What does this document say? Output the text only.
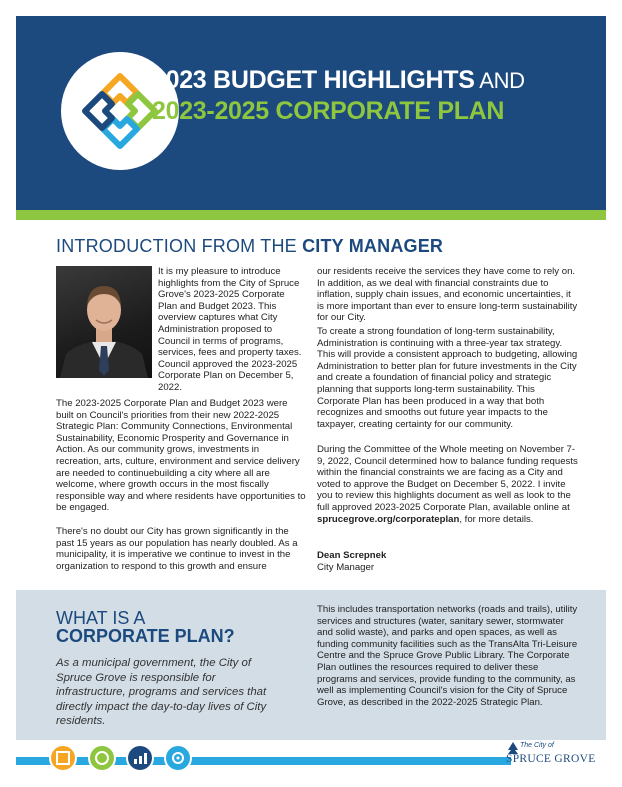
2023 BUDGET HIGHLIGHTS AND
2023-2025 CORPORATE PLAN
INTRODUCTION FROM THE CITY MANAGER
It is my pleasure to introduce highlights from the City of Spruce Grove's 2023-2025 Corporate Plan and Budget 2023. This overview captures what City Administration proposed to Council in terms of programs, services, fees and property taxes. Council approved the 2023-2025 Corporate Plan on December 5, 2022.
The 2023-2025 Corporate Plan and Budget 2023 were built on Council's priorities from their new 2022-2025 Strategic Plan: Community Connections, Environmental Sustainability, Economic Prosperity and Governance in Action. As our community grows, investments in recreation, arts, culture, environment and service delivery are needed to continuebuilding a city where all are welcome, where growth occurs in the most fiscally responsible way and where residents have opportunities to be engaged.
There's no doubt our City has grown significantly in the past 15 years as our population has nearly doubled. As a municipality, it is imperative we continue to invest in the organization to respond to this growth and ensure
our residents receive the services they have come to rely on. In addition, as we deal with financial constraints due to inflation, supply chain issues, and economic uncertainties, it is more important than ever to ensure long-term sustainability for our City.
To create a strong foundation of long-term sustainability, Administration is continuing with a three-year tax strategy. This will provide a consistent approach to budgeting, allowing Administration to better plan for future investments in the City and create a foundation of financial policy and strategic planning that supports long-term sustainability. This Corporate Plan has been produced in a way that both recognizes and smooths out future year impacts to the taxpayer, creating certainty for our community.
During the Committee of the Whole meeting on November 7-9, 2022, Council determined how to balance funding requests within the financial constraints we are facing as a City and voted to approve the Budget on December 5, 2022. I invite you to review this highlights document as well as look to the full approved 2023-2025 Corporate Plan, available online at sprucegrove.org/corporateplan, for more details.
Dean Screpnek
City Manager
WHAT IS A
CORPORATE PLAN?
As a municipal government, the City of Spruce Grove is responsible for infrastructure, programs and services that directly impact the day-to-day lives of City residents.
This includes transportation networks (roads and trails), utility services and structures (water, sanitary sewer, stormwater and solid waste), and parks and open spaces, as well as funding community facilities such as the TransAlta Tri-Leisure Centre and the Spruce Grove Public Library. The Corporate Plan outlines the resources required to deliver these programs and services, provide funding to the community, as well as implementing Council's vision for the City of Spruce Grove, as described in the 2022-2025 Strategic Plan.
The City of
SPRUCE GROVE
